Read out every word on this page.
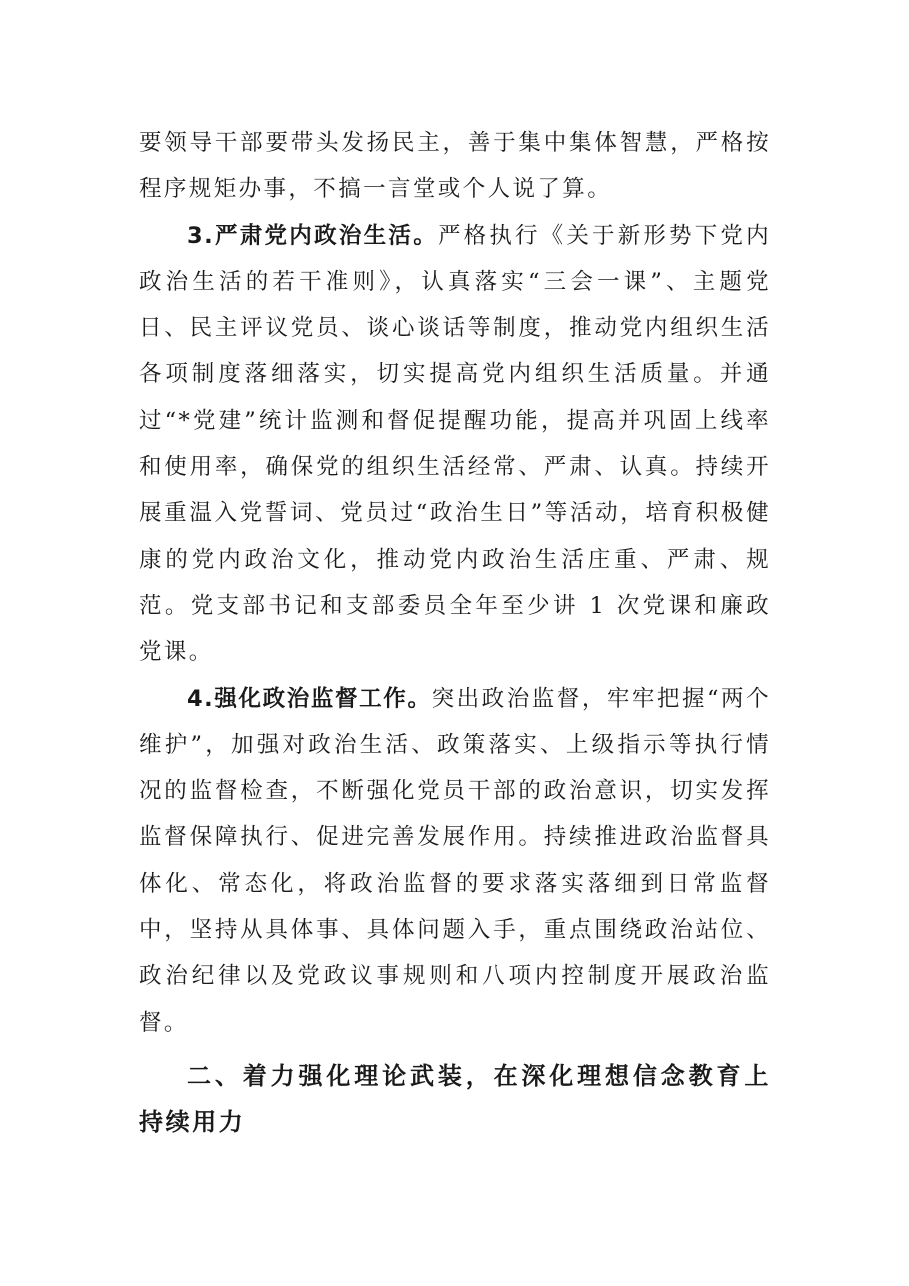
要领导干部要带头发扬民主，善于集中集体智慧，严格按程序规矩办事，不搞一言堂或个人说了算。

3.严肃党内政治生活。严格执行《关于新形势下党内政治生活的若干准则》，认真落实“三会一课”、主题党日、民主评议党员、谈心谈话等制度，推动党内组织生活各项制度落细落实，切实提高党内组织生活质量。并通过“*党建”统计监测和督促提醒功能，提高并巩固上线率和使用率，确保党的组织生活经常、严肃、认真。持续开展重温入党誓词、党员过“政治生日”等活动，培育积极健康的党内政治文化，推动党内政治生活庄重、严肃、规范。党支部书记和支部委员全年至少讲 1 次党课和廉政党课。

4.强化政治监督工作。突出政治监督，牢牢把握“两个维护”，加强对政治生活、政策落实、上级指示等执行情况的监督检查，不断强化党员干部的政治意识，切实发挥监督保障执行、促进完善发展作用。持续推进政治监督具体化、常态化，将政治监督的要求落实落细到日常监督中，坚持从具体事、具体问题入手，重点围绕政治站位、政治纪律以及党政议事规则和八项内控制度开展政治监督。

二、着力强化理论武装，在深化理想信念教育上持续用力
